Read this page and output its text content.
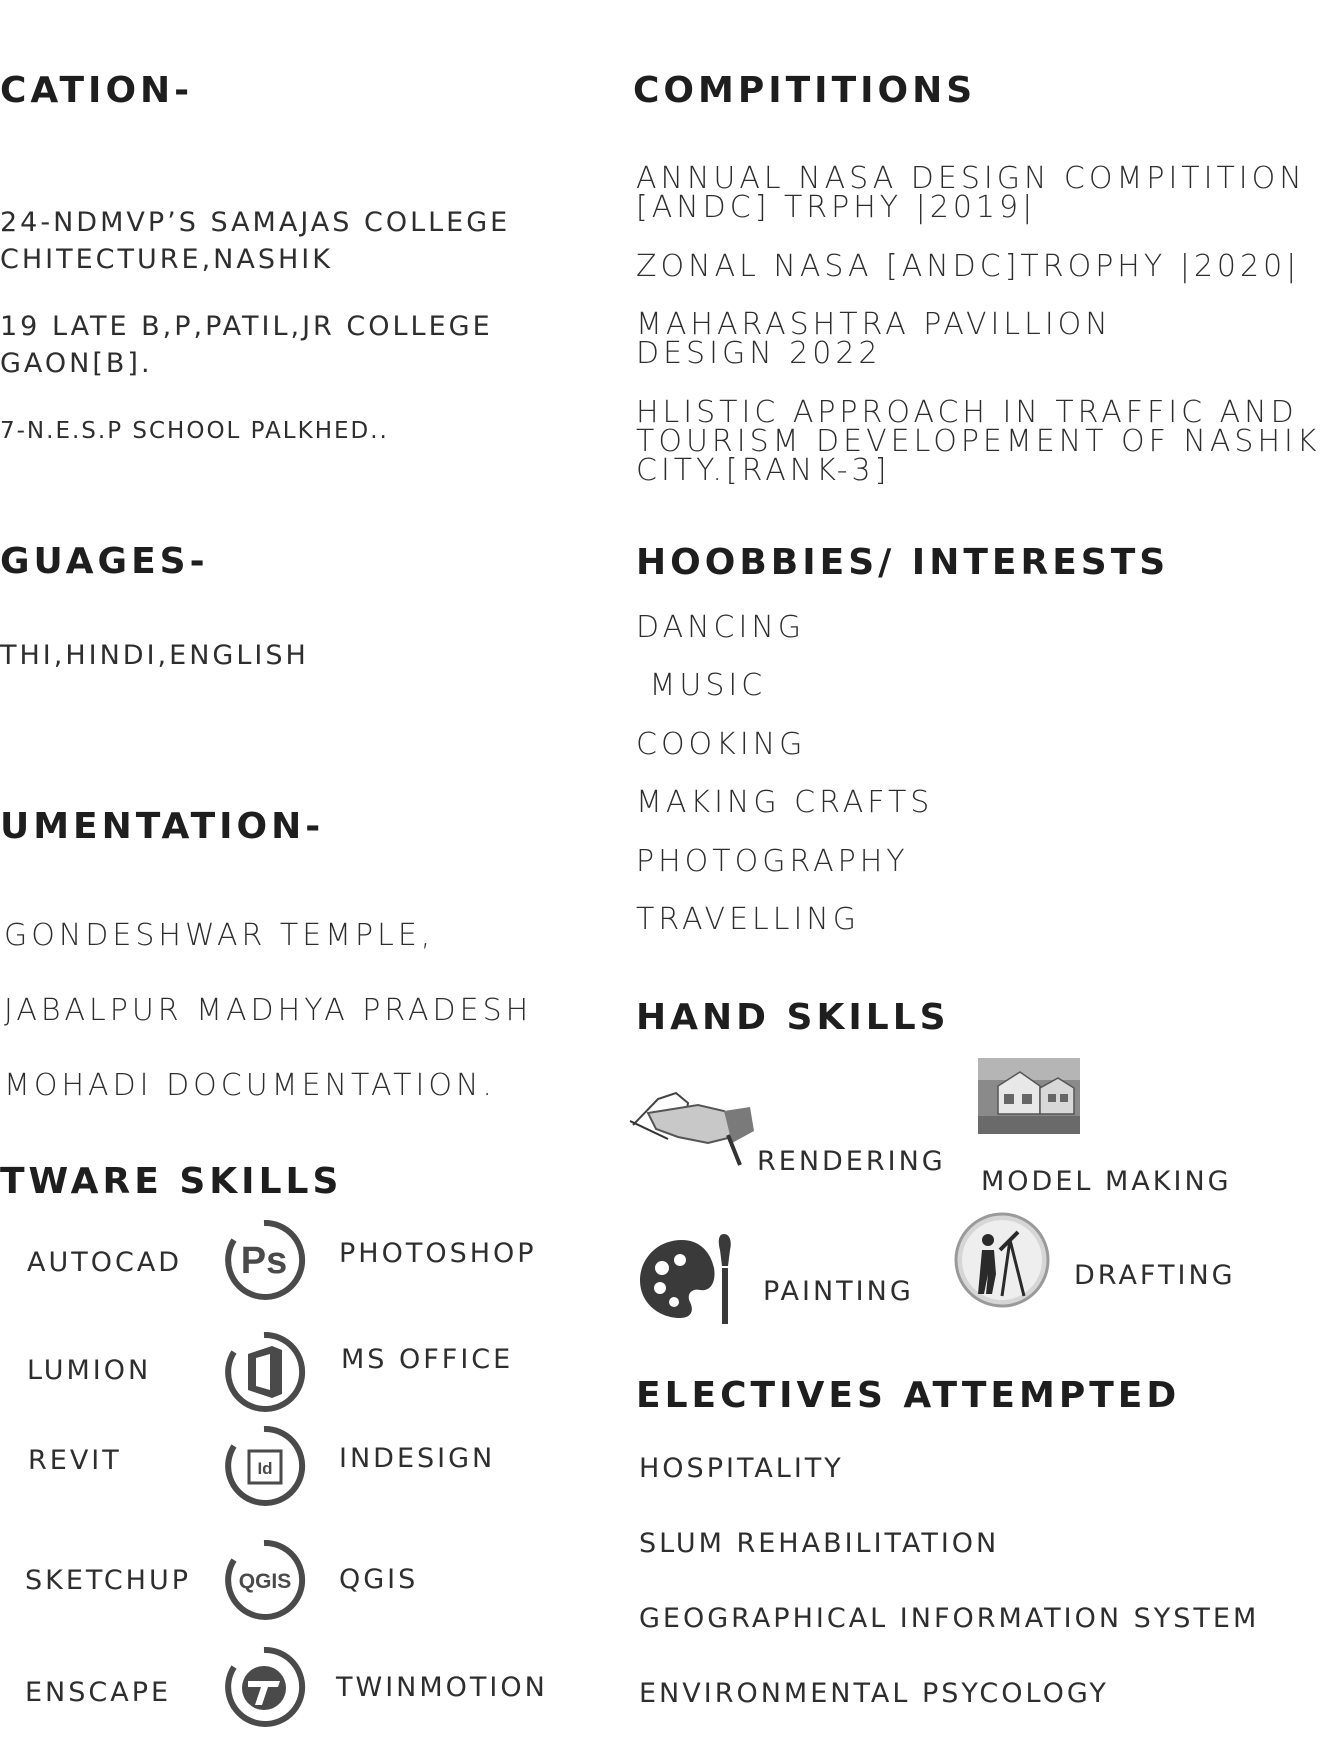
CATION-
24-NDMVP’S SAMAJAS COLLEGE
CHITECTURE,NASHIK
19 LATE B,P,PATIL,JR COLLEGE
GAON[B].
7-N.E.S.P SCHOOL PALKHED..
GUAGES-
THI,HINDI,ENGLISH
UMENTATION-
GONDESHWAR TEMPLE,
JABALPUR MADHYA PRADESH
MOHADI DOCUMENTATION.
TWARE SKILLS
AUTOCAD
LUMION
REVIT
SKETCHUP
ENSCAPE
Ps
Id
QGIS
PHOTOSHOP
MS OFFICE
INDESIGN
QGIS
TWINMOTION
COMPITITIONS
ANNUAL NASA DESIGN COMPITITION
[ANDC] TRPHY |2019|
ZONAL NASA [ANDC]TROPHY |2020|
MAHARASHTRA PAVILLION
DESIGN 2022
HLISTIC APPROACH IN TRAFFIC AND
TOURISM DEVELOPEMENT OF NASHIK
CITY.[RANK-3]
HOOBBIES/ INTERESTS
DANCING
MUSIC
COOKING
MAKING CRAFTS
PHOTOGRAPHY
TRAVELLING
HAND SKILLS
RENDERING
MODEL MAKING
PAINTING
DRAFTING
ELECTIVES ATTEMPTED
HOSPITALITY
SLUM REHABILITATION
GEOGRAPHICAL INFORMATION SYSTEM
ENVIRONMENTAL PSYCOLOGY
